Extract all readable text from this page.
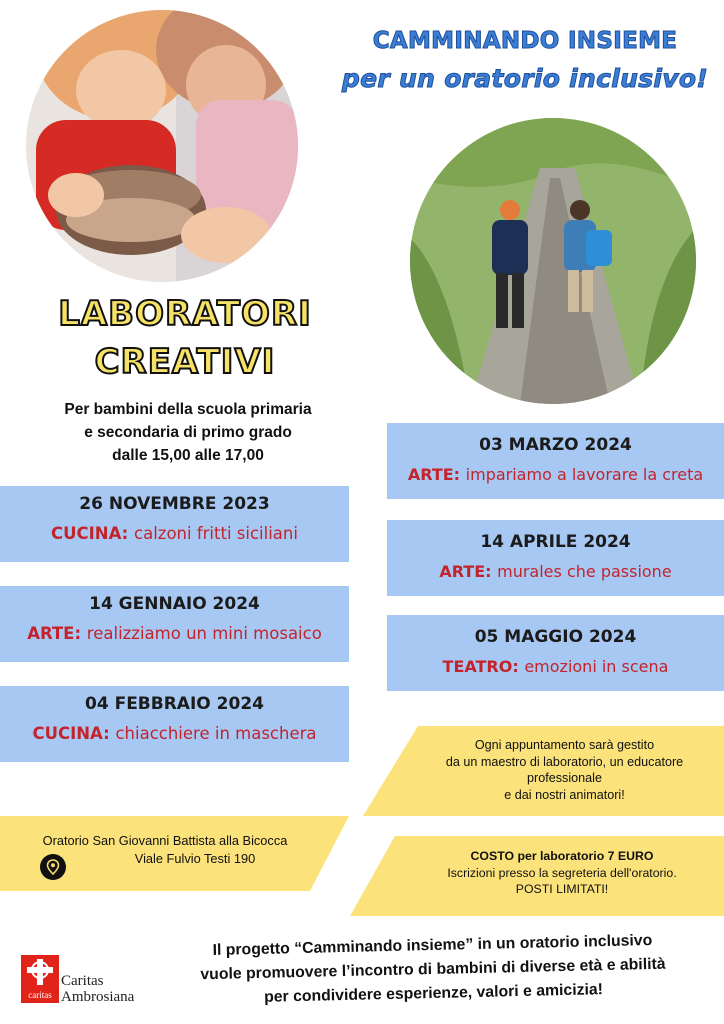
CAMMINANDO INSIEME
per un oratorio inclusivo!
LABORATORI
CREATIVI
Per bambini della scuola primaria
e secondaria di primo grado
dalle 15,00 alle 17,00
26 NOVEMBRE 2023
CUCINA: calzoni fritti siciliani
14 GENNAIO 2024
ARTE: realizziamo un mini mosaico
04 FEBBRAIO 2024
CUCINA: chiacchiere in maschera
03 MARZO 2024
ARTE: impariamo a lavorare la creta
14 APRILE 2024
ARTE: murales che passione
05 MAGGIO 2024
TEATRO: emozioni in scena
Ogni appuntamento sarà gestito
da un maestro di laboratorio, un educatore
professionale
e dai nostri animatori!
Oratorio San Giovanni Battista alla Bicocca
Viale Fulvio Testi 190	COSTO per laboratorio 7 EURO
Iscrizioni presso la segreteria dell'oratorio.
POSTI LIMITATI!
Il progetto “Camminando insieme” in un oratorio inclusivo
vuole promuovere l’incontro di bambini di diverse età e abilità
per condividere esperienze, valori e amicizia!
caritas
Caritas
Ambrosiana
